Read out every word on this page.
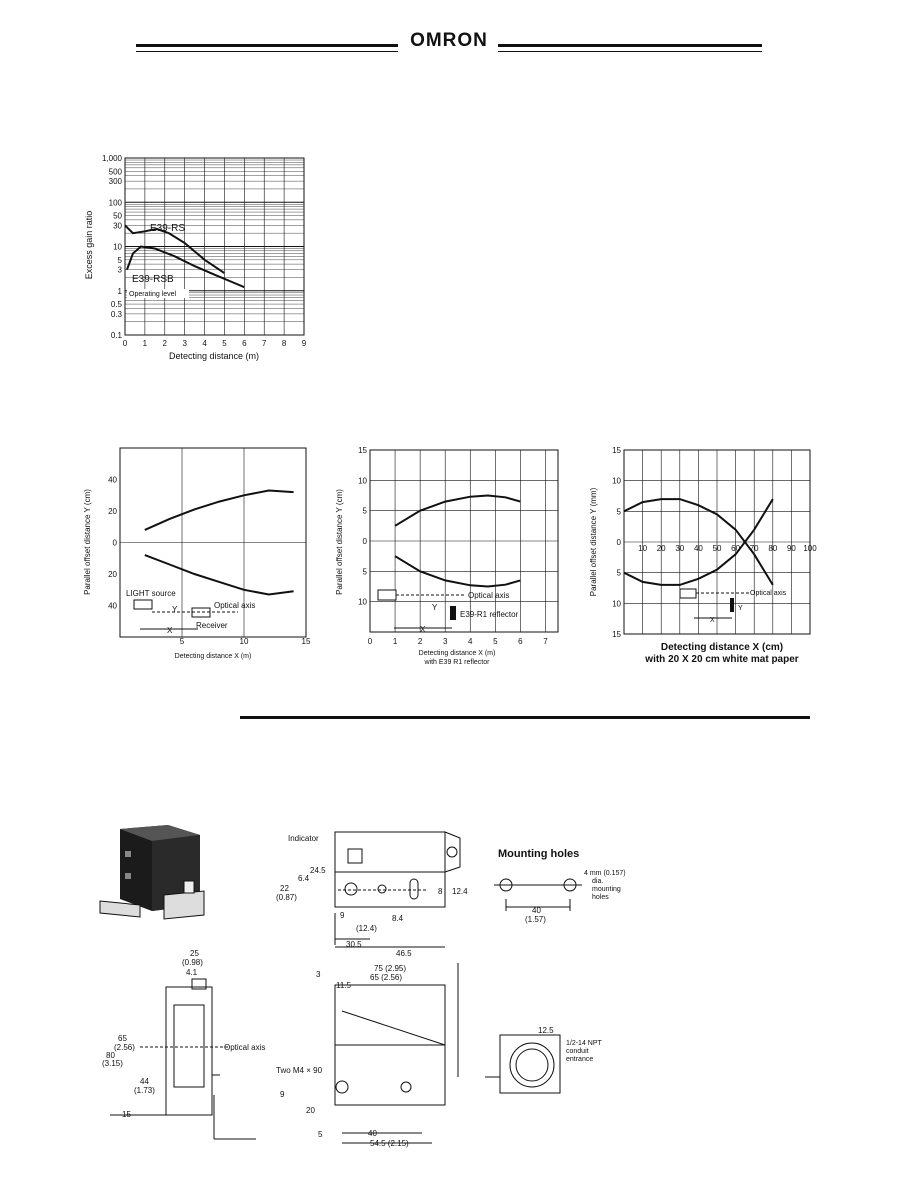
OMRON
0 1 2 3 4 5 6 7 8 9
1,000
500
300
100
50
30
10
5
3
1
0.5
0.3
0.1
E39-RS
E39-RSB
Operating level
Detecting distance (m)
Excess gain ratio
5	10	15
40
20
0
20
40
LIGHT source
Optical axis
Receiver
Y
X
Detecting distance X (m)
Parallel offset distance Y (cm)
0	1	2	3	4	5	6	7
15
10
5
0
5
10
Optical axis
E39-R1 reflector
Y
X
Detecting distance X (m)
with E39 R1 reflector
Parallel offset distance Y (cm)	10 20 30 40 50 60 70 80 90 100
15
10
5
0
5
10
15
Optical axis
Y
X
Detecting distance X (cm)
with 20 X 20 cm white mat paper
Parallel offset distance Y (mm)
Indicator
24.5
6.4
22
(0.87)
8 12.4
9
(12.4)
8.4
30.5
46.5
Mounting holes
4 mm (0.157)
dia.
mounting
holes
40
(1.57)
25
(0.98)
4.1
65
(2.56)
80
(3.15)
44
(1.73)
15
Optical axis
3
75 (2.95)
65 (2.56)
11.5
Two M4 × 90
9
20
5	40
54.5 (2.15)
12.5
1/2-14 NPT
conduit
entrance
